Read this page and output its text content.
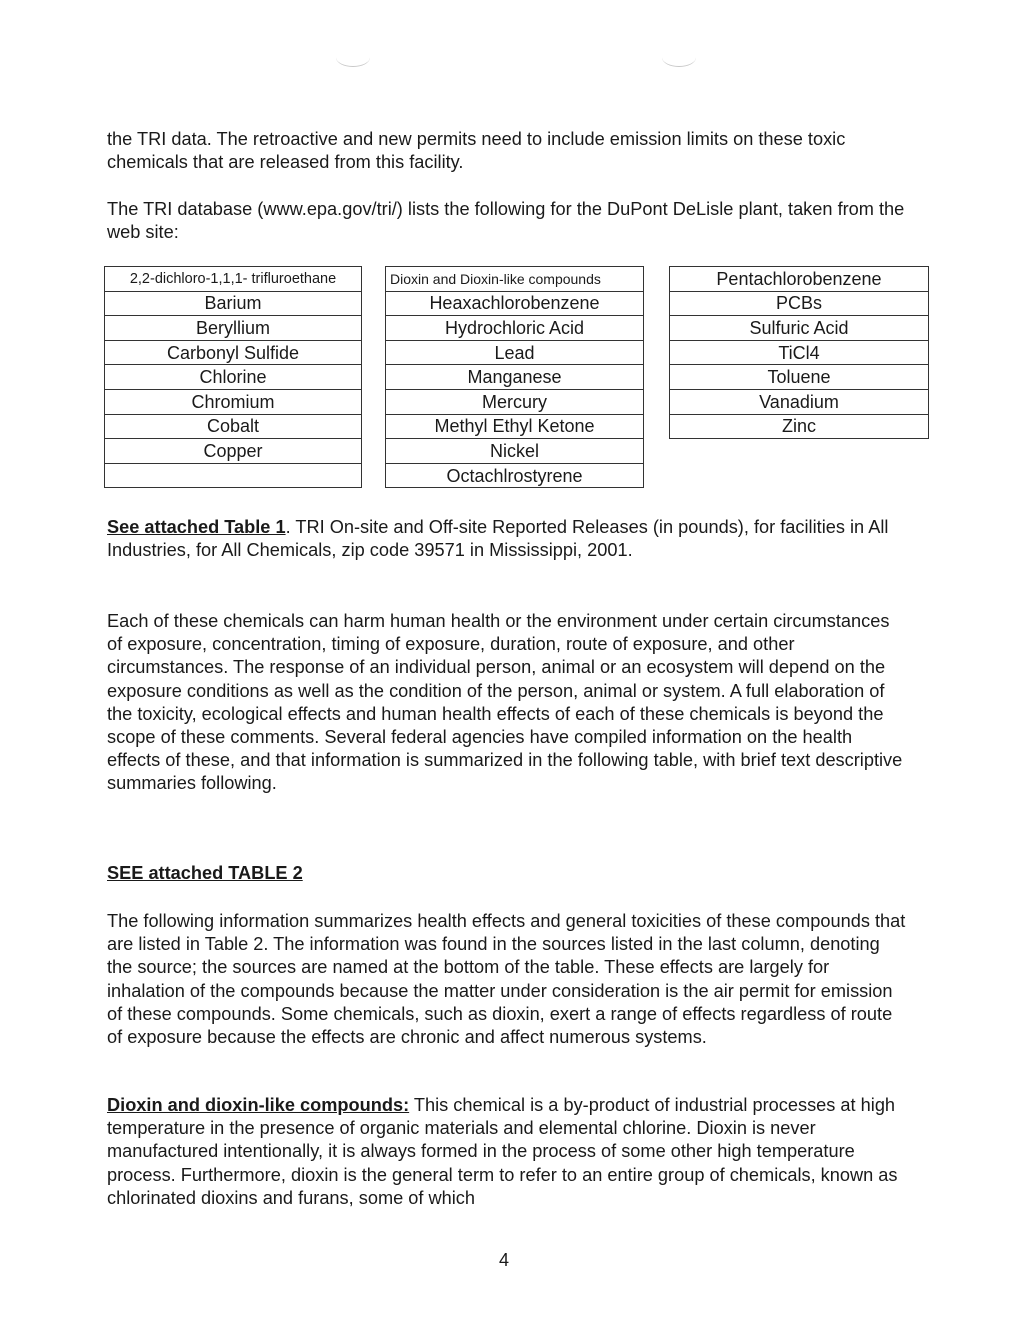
the TRI data. The retroactive and new permits need to include emission limits on these toxic chemicals that are released from this facility.

The TRI database (www.epa.gov/tri/) lists the following for the DuPont DeLisle plant, taken from the web site:

2,2-dichloro-1,1,1- trifluroethane
Barium
Beryllium
Carbonyl Sulfide
Chlorine
Chromium
Cobalt
Copper

Dioxin and Dioxin-like compounds
Heaxachlorobenzene
Hydrochloric Acid
Lead
Manganese
Mercury
Methyl Ethyl Ketone
Nickel
Octachlrostyrene
Pentachlorobenzene
PCBs
Sulfuric Acid
TiCl4
Toluene
Vanadium
Zinc

See attached Table 1. TRI On-site and Off-site Reported Releases (in pounds), for facilities in All Industries, for All Chemicals, zip code 39571 in Mississippi, 2001.

Each of these chemicals can harm human health or the environment under certain circumstances of exposure, concentration, timing of exposure, duration, route of exposure, and other circumstances. The response of an individual person, animal or an ecosystem will depend on the exposure conditions as well as the condition of the person, animal or system. A full elaboration of the toxicity, ecological effects and human health effects of each of these chemicals is beyond the scope of these comments. Several federal agencies have compiled information on the health effects of these, and that information is summarized in the following table, with brief text descriptive summaries following.

SEE attached TABLE 2

The following information summarizes health effects and general toxicities of these compounds that are listed in Table 2. The information was found in the sources listed in the last column, denoting the source; the sources are named at the bottom of the table. These effects are largely for inhalation of the compounds because the matter under consideration is the air permit for emission of these compounds. Some chemicals, such as dioxin, exert a range of effects regardless of route of exposure because the effects are chronic and affect numerous systems.

Dioxin and dioxin-like compounds: This chemical is a by-product of industrial processes at high temperature in the presence of organic materials and elemental chlorine. Dioxin is never manufactured intentionally, it is always formed in the process of some other high temperature process. Furthermore, dioxin is the general term to refer to an entire group of chemicals, known as chlorinated dioxins and furans, some of which

4
